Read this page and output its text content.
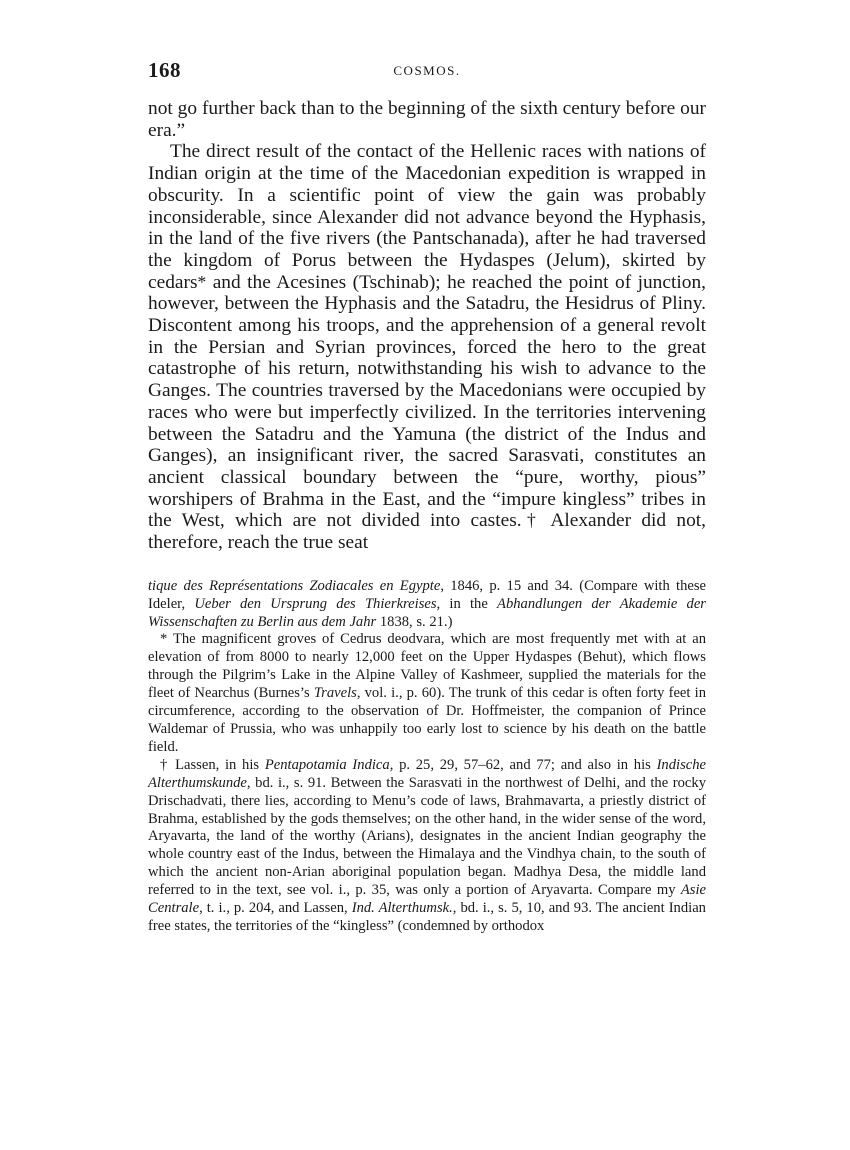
168	COSMOS.

not go further back than to the beginning of the sixth century before our era.”

The direct result of the contact of the Hellenic races with nations of Indian origin at the time of the Macedonian expedition is wrapped in obscurity. In a scientific point of view the gain was probably inconsiderable, since Alexander did not advance beyond the Hyphasis, in the land of the five rivers (the Pantschanada), after he had traversed the kingdom of Porus between the Hydaspes (Jelum), skirted by cedars* and the Acesines (Tschinab); he reached the point of junction, however, between the Hyphasis and the Satadru, the Hesidrus of Pliny. Discontent among his troops, and the apprehension of a general revolt in the Persian and Syrian provinces, forced the hero to the great catastrophe of his return, notwithstanding his wish to advance to the Ganges. The countries traversed by the Macedonians were occupied by races who were but imperfectly civilized. In the territories intervening between the Satadru and the Yamuna (the district of the Indus and Ganges), an insignificant river, the sacred Sarasvati, constitutes an ancient classical boundary between the “pure, worthy, pious” worshipers of Brahma in the East, and the “impure kingless” tribes in the West, which are not divided into castes.† Alexander did not, therefore, reach the true seat

tique des Représentations Zodiacales en Egypte, 1846, p. 15 and 34. (Compare with these Ideler, Ueber den Ursprung des Thierkreises, in the Abhandlungen der Akademie der Wissenschaften zu Berlin aus dem Jahr 1838, s. 21.)

* The magnificent groves of Cedrus deodvara, which are most frequently met with at an elevation of from 8000 to nearly 12,000 feet on the Upper Hydaspes (Behut), which flows through the Pilgrim’s Lake in the Alpine Valley of Kashmeer, supplied the materials for the fleet of Nearchus (Burnes’s Travels, vol. i., p. 60). The trunk of this cedar is often forty feet in circumference, according to the observation of Dr. Hoffmeister, the companion of Prince Waldemar of Prussia, who was unhappily too early lost to science by his death on the battle field.

† Lassen, in his Pentapotamia Indica, p. 25, 29, 57–62, and 77; and also in his Indische Alterthumskunde, bd. i., s. 91. Between the Sarasvati in the northwest of Delhi, and the rocky Drischadvati, there lies, according to Menu’s code of laws, Brahmavarta, a priestly district of Brahma, established by the gods themselves; on the other hand, in the wider sense of the word, Aryavarta, the land of the worthy (Arians), designates in the ancient Indian geography the whole country east of the Indus, between the Himalaya and the Vindhya chain, to the south of which the ancient non-Arian aboriginal population began. Madhya Desa, the middle land referred to in the text, see vol. i., p. 35, was only a portion of Aryavarta. Compare my Asie Centrale, t. i., p. 204, and Lassen, Ind. Alterthumsk., bd. i., s. 5, 10, and 93. The ancient Indian free states, the territories of the “kingless” (condemned by orthodox
